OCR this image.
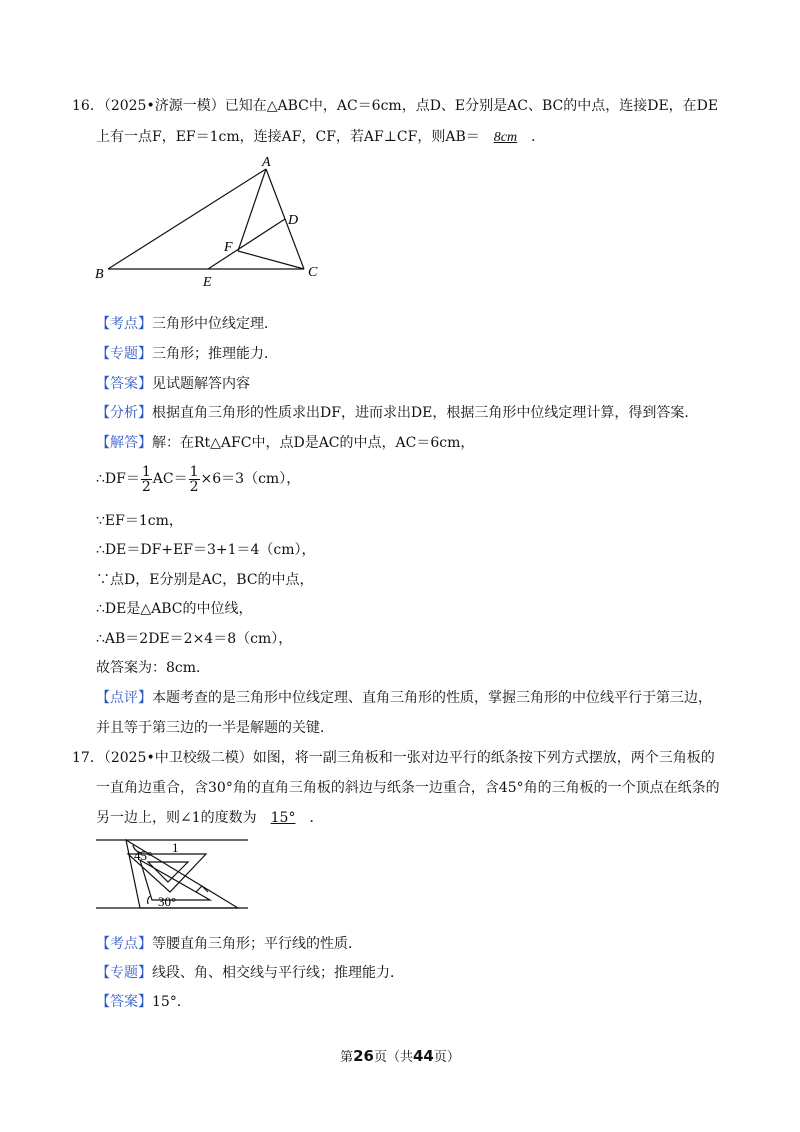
16．（2025•济源一模）已知在△ABC中，AC＝6cm，点D、E分别是AC、BC的中点，连接DE，在DE
上有一点F，EF＝1cm，连接AF，CF，若AF⊥CF，则AB＝ 8cm ．
A
B	C
D
E
F
【考点】三角形中位线定理．
【专题】三角形；推理能力．
【答案】见试题解答内容
【分析】根据直角三角形的性质求出DF，进而求出DE，根据三角形中位线定理计算，得到答案．
【解答】解：在Rt△AFC中，点D是AC的中点，AC＝6cm，
∴DF＝ $\frac{1}{2} AC= \frac{1}{2} \times 6=3(cm)$，
∵EF＝1cm，
∴DE＝DF+EF＝3+1＝4（cm），
∵点D，E分别是AC，BC的中点，
∴DE是△ABC的中位线，
∴AB＝2DE＝2×4＝8（cm），
故答案为：8cm．
【点评】本题考查的是三角形中位线定理、直角三角形的性质，掌握三角形的中位线平行于第三边，
并且等于第三边的一半是解题的关键．
17．（2025•中卫校级二模）如图，将一副三角板和一张对边平行的纸条按下列方式摆放，两个三角板的
一直角边重合，含30°角的直角三角板的斜边与纸条一边重合，含45°角的三角板的一个顶点在纸条的
另一边上，则∠1的度数为 15° ．
45°
30°
1
【考点】等腰直角三角形；平行线的性质．
【专题】线段、角、相交线与平行线；推理能力．
【答案】15°．
第26页（共44页）
